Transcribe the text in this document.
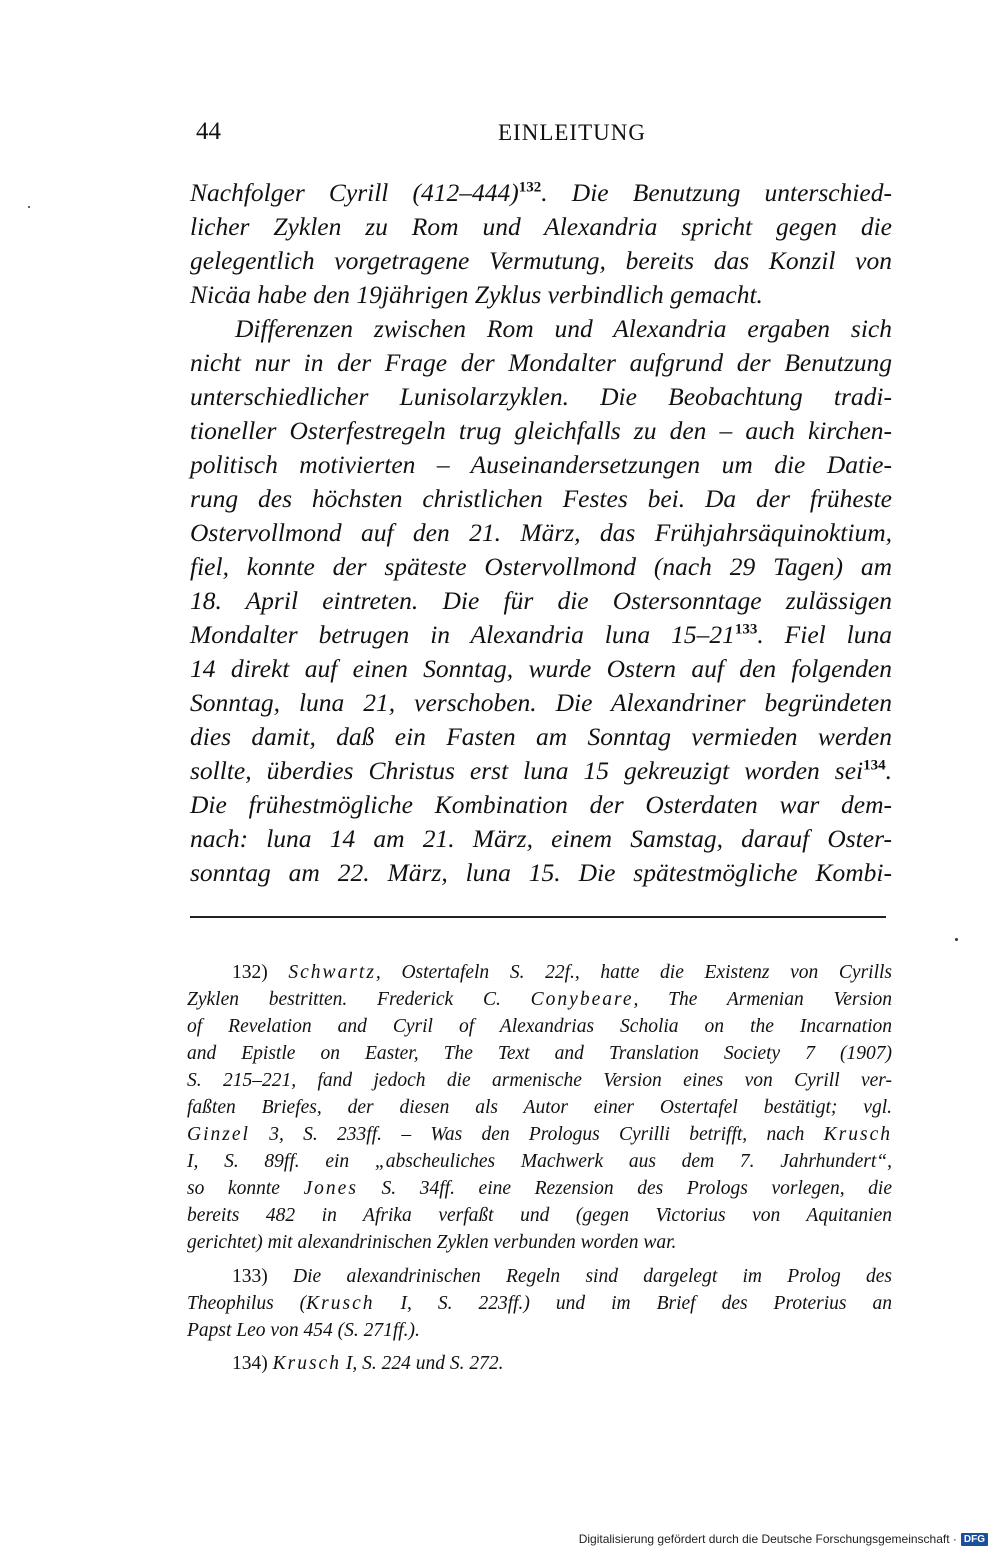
44	EINLEITUNG
Nachfolger Cyrill $(412-444)^{132}$. Die Benutzung unterschied-
licher Zyklen zu Rom und Alexandria spricht gegen die
gelegentlich vorgetragene Vermutung, bereits das Konzil von
Nicäa habe den 19jährigen Zyklus verbindlich gemacht.
Differenzen zwischen Rom und Alexandria ergaben sich
nicht nur in der Frage der Mondalter aufgrund der Benutzung
unterschiedlicher Lunisolarzyklen. Die Beobachtung tradi-
tioneller Osterfestregeln trug gleichfalls zu den – auch kirchen-
politisch motivierten – Auseinandersetzungen um die Datie-
rung des höchsten christlichen Festes bei. Da der früheste
Ostervollmond auf den 21. März, das Frühjahrsäquinoktium,
fiel, konnte der späteste Ostervollmond (nach 29 Tagen) am
18. April eintreten. Die für die Ostersonntage zulässigen
Mondalter betrugen in Alexandria luna $15-21^{133}$. Fiel luna
14 direkt auf einen Sonntag, wurde Ostern auf den folgenden
Sonntag, luna 21, verschoben. Die Alexandriner begründeten
dies damit, daß ein Fasten am Sonntag vermieden werden
sollte, überdies Christus erst luna 15 gekreuzigt worden sei$^{134}$.
Die frühestmögliche Kombination der Osterdaten war dem-
nach: luna 14 am 21. März, einem Samstag, darauf Oster-
sonntag am 22. März, luna 15. Die spätestmögliche Kombi-
132) Schwartz, Ostertafeln S. 22f., hatte die Existenz von Cyrills
Zyklen bestritten. Frederick C. Conybeare, The Armenian Version
of Revelation and Cyril of Alexandrias Scholia on the Incarnation
and Epistle on Easter, The Text and Translation Society 7 (1907)
S. 215–221, fand jedoch die armenische Version eines von Cyrill ver-
faßten Briefes, der diesen als Autor einer Ostertafel bestätigt; vgl.
Ginzel 3, S. 233ff. – Was den Prologus Cyrilli betrifft, nach Krusch
I, S. 89ff. ein „abscheuliches Machwerk aus dem 7. Jahrhundert“,
so konnte Jones S. 34ff. eine Rezension des Prologs vorlegen, die
bereits 482 in Afrika verfaßt und (gegen Victorius von Aquitanien
gerichtet) mit alexandrinischen Zyklen verbunden worden war.
133) Die alexandrinischen Regeln sind dargelegt im Prolog des
Theophilus (Krusch I, S. 223ff.) und im Brief des Proterius an
Papst Leo von 454 (S. 271ff.).
134) Krusch I, S. 224 und S. 272.
Digitalisierung gefördert durch die Deutsche Forschungsgemeinschaft · DFG
